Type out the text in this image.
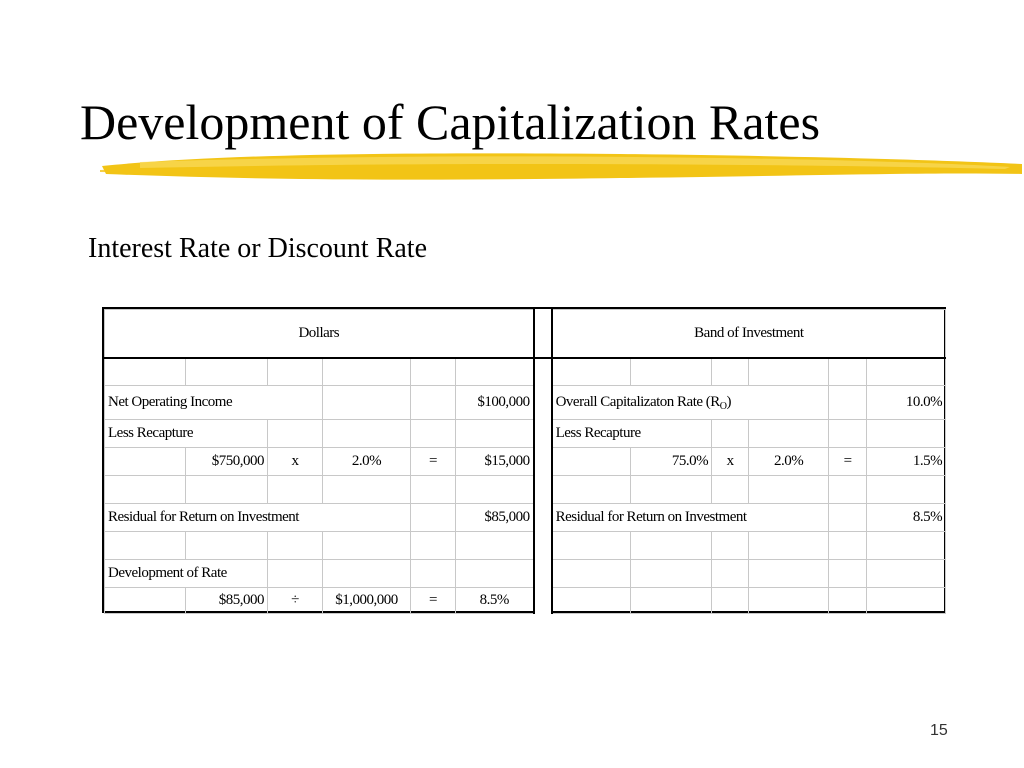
Development of Capitalization Rates
Interest Rate or Discount Rate
Dollars							Band of Investment					

Net Operating Income					$100,000		Overall Capitalizaton Rate $(R_O)$					10.0%
Less Recapture							Less Recapture					
	$750,000	x	2.0%	=	$15,000			75.0%	x	2.0%	=	1.5%

Residual for Return on Investment					$85,000		Residual for Return on Investment					8.5%

Development of Rate												
	$85,000	÷	$1,000,000	=	8.5%							
15
